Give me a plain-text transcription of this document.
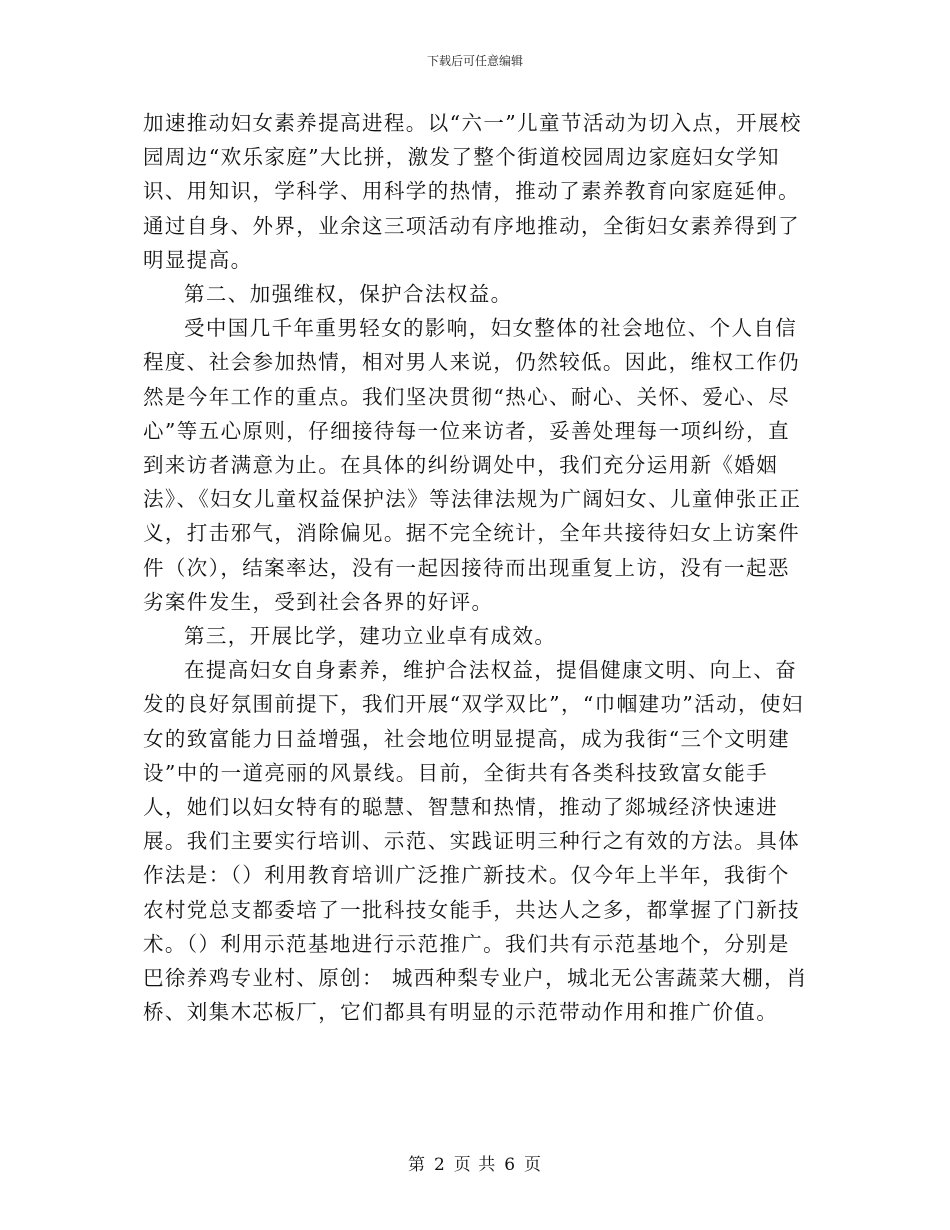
下载后可任意编辑

加速推动妇女素养提高进程。以“六一”儿童节活动为切入点，开展校园周边“欢乐家庭”大比拼，激发了整个街道校园周边家庭妇女学知识、用知识，学科学、用科学的热情，推动了素养教育向家庭延伸。通过自身、外界，业余这三项活动有序地推动，全街妇女素养得到了明显提高。

第二、加强维权，保护合法权益。

受中国几千年重男轻女的影响，妇女整体的社会地位、个人自信程度、社会参加热情，相对男人来说，仍然较低。因此，维权工作仍然是今年工作的重点。我们坚决贯彻“热心、耐心、关怀、爱心、尽心”等五心原则，仔细接待每一位来访者，妥善处理每一项纠纷，直到来访者满意为止。在具体的纠纷调处中，我们充分运用新《婚姻法》、《妇女儿童权益保护法》等法律法规为广阔妇女、儿童伸张正正义，打击邪气，消除偏见。据不完全统计，全年共接待妇女上访案件件（次），结案率达，没有一起因接待而出现重复上访，没有一起恶劣案件发生，受到社会各界的好评。

第三，开展比学，建功立业卓有成效。

在提高妇女自身素养，维护合法权益，提倡健康文明、向上、奋发的良好氛围前提下，我们开展“双学双比”，“巾帼建功”活动，使妇女的致富能力日益增强，社会地位明显提高，成为我街“三个文明建设”中的一道亮丽的风景线。目前，全街共有各类科技致富女能手人，她们以妇女特有的聪慧、智慧和热情，推动了郯城经济快速进展。我们主要实行培训、示范、实践证明三种行之有效的方法。具体作法是：（）利用教育培训广泛推广新技术。仅今年上半年，我街个农村党总支都委培了一批科技女能手，共达人之多，都掌握了门新技术。（）利用示范基地进行示范推广。我们共有示范基地个，分别是巴徐养鸡专业村、原创： 城西种梨专业户，城北无公害蔬菜大棚，肖桥、刘集木芯板厂，它们都具有明显的示范带动作用和推广价值。

第 2 页 共 6 页
